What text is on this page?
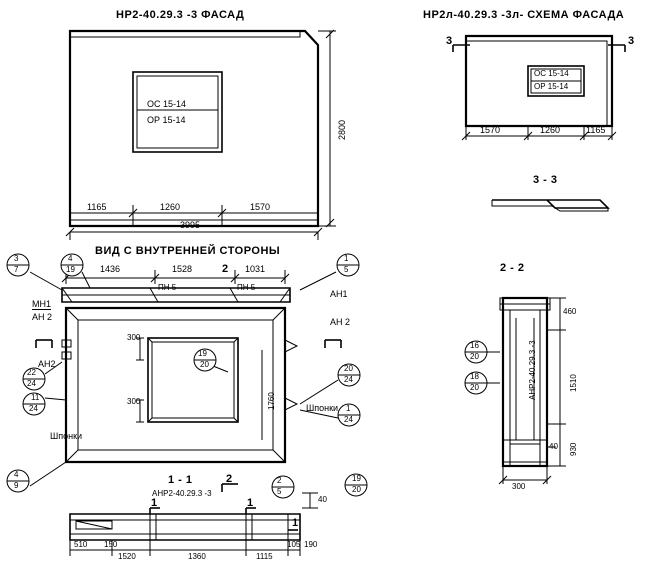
НР2-40.29.3 -3 ФАСАД	НР2л-40.29.3 -3л- СХЕМА ФАСАДА
3 - 3
2 - 2
ВИД С ВНУТРЕННЕЙ СТОРОНЫ
1 - 1
АНР2-40.29.3 -3
ОС 15-14
ОР 15-14
1165	1260	1570
3995
2800
ОС 15-14
ОР 15-14
1570	1260	1165
3	3
1436	1528	1031
2
ПН 5	ПН 5
МН1
АН 2
АН2
АН1
АН 2
Шпонки
Шпонки
300
300	1760
3
7
4
19
1
5
22
24
11
24
20
24
1
24
4
9
19
20
2
5
19
20
510 150
1520	1360	1115
105 190
40
1	1
1
2
460
1510
930
300
40
АНР2-40.29.3 -3
16
20
18
20
